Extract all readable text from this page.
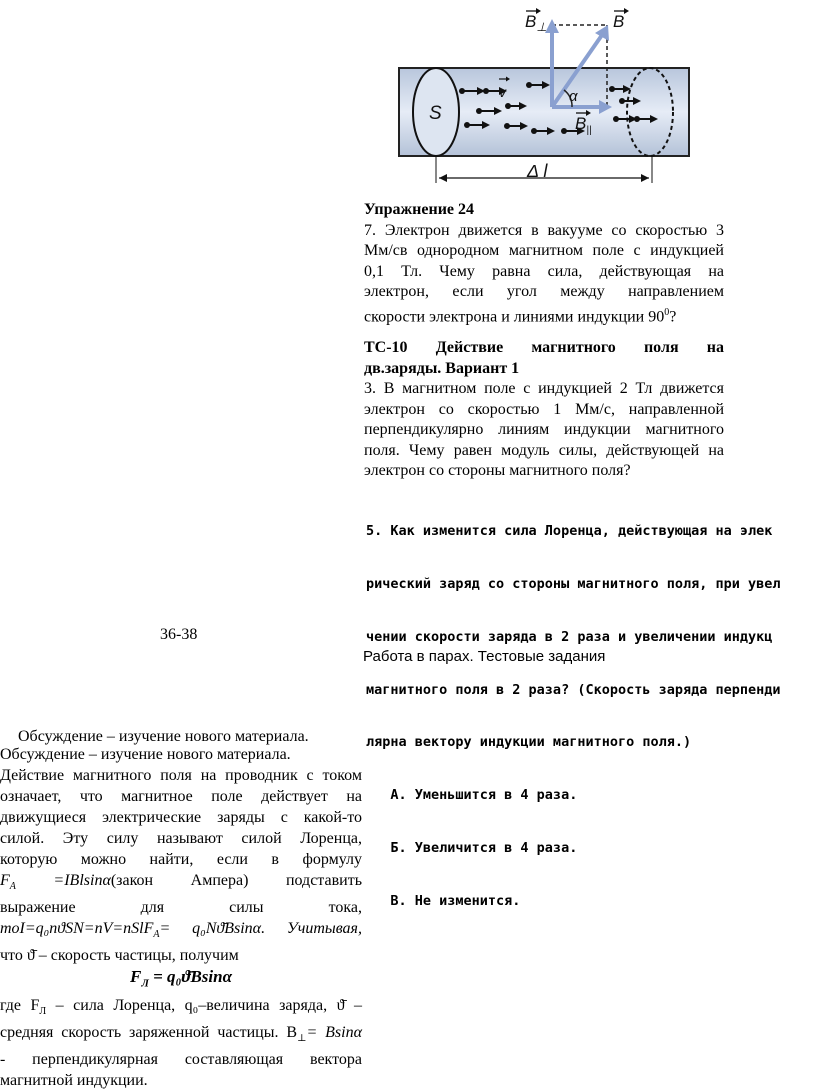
$B_\perp$	B
v	α
S	$B_{||}$
Δ l
Упражнение 24
7. Электрон движется в вакууме со скоростью 3
Мм/св однородном магнитном поле с индукцией
0,1 Тл. Чему равна сила, действующая на
электрон, если угол между направлением
скорости электрона и линиями индукции $90^0$?
ТС-10 Действие магнитного поля на
дв.заряды. Вариант 1
3. В магнитном поле с индукцией 2 Тл движется
электрон со скоростью 1 Мм/с, направленной
перпендикулярно линиям индукции магнитного
поля. Чему равен модуль силы, действующей на
электрон со стороны магнитного поля?

5. Как изменится сила Лоренца, действующая на элек

рический заряд со стороны магнитного поля, при увел

чении скорости заряда в 2 раза и увеличении индукц

магнитного поля в 2 раза? (Скорость заряда перпенди

лярна вектору индукции магнитного поля.)

А. Уменьшится в 4 раза.

Б. Увеличится в 4 раза.

В. Не изменится.

36-38
Работа в парах. Тестовые задания
Обсуждение – изучение нового материала.
Обсуждение – изучение нового материала.
Действие магнитного поля на проводник с током
означает, что магнитное поле действует на
движущиеся электрические заряды с какой-то
силой. Эту силу называют силой Лоренца,
которую можно найти, если в формулу
$F_A$ =IBlsinα(закон Ампера) подставить
выражение для силы тока,
тоI=q₀nϑSN=nV=nSlF$_A$= q₀Nϑ̄Bsinα. Учитывая,
что ϑ̄ – скорость частицы, получим
$F_Л$ = q₀ϑ̄Bsinα
где $F_Л$ – сила Лоренца, q₀–величина заряда, ϑ̄ –
средняя скорость заряженной частицы. $B_\perp= Bsin\alpha$
- перпендикулярная составляющая вектора
магнитной индукции.
